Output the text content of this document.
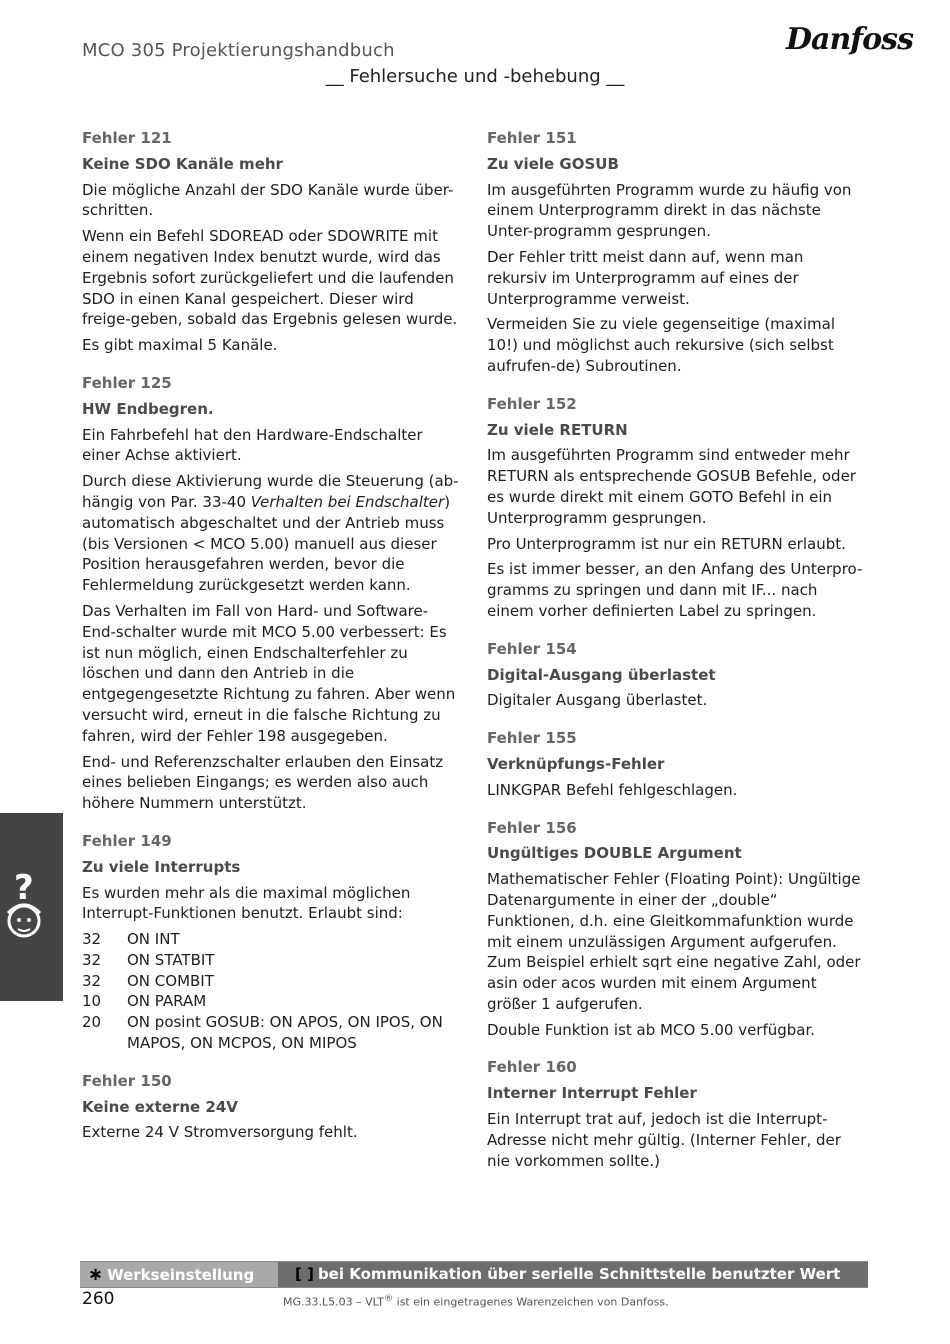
MCO 305 Projektierungshandbuch	Danfoss
__ Fehlersuche und -behebung __
Fehler 121
Keine SDO Kanäle mehr

Die mögliche Anzahl der SDO Kanäle wurde über-schritten.

Wenn ein Befehl SDOREAD oder SDOWRITE mit einem negativen Index benutzt wurde, wird das Ergebnis sofort zurückgeliefert und die laufenden SDO in einen Kanal gespeichert. Dieser wird freige-geben, sobald das Ergebnis gelesen wurde.

Es gibt maximal 5 Kanäle.

Fehler 125
HW Endbegren.

Ein Fahrbefehl hat den Hardware-Endschalter einer Achse aktiviert.

Durch diese Aktivierung wurde die Steuerung (ab-hängig von Par. 33-40 Verhalten bei Endschalter) automatisch abgeschaltet und der Antrieb muss (bis Versionen < MCO 5.00) manuell aus dieser Position herausgefahren werden, bevor die Fehlermeldung zurückgesetzt werden kann.

Das Verhalten im Fall von Hard- und Software-End-schalter wurde mit MCO 5.00 verbessert: Es ist nun möglich, einen Endschalterfehler zu löschen und dann den Antrieb in die entgegengesetzte Richtung zu fahren. Aber wenn versucht wird, erneut in die falsche Richtung zu fahren, wird der Fehler 198 ausgegeben.

End- und Referenzschalter erlauben den Einsatz eines belieben Eingangs; es werden also auch höhere Nummern unterstützt.

Fehler 149
Zu viele Interrupts

Es wurden mehr als die maximal möglichen Interrupt-Funktionen benutzt. Erlaubt sind:

32	ON INT
32	ON STATBIT
32	ON COMBIT
10	ON PARAM
20	ON posint GOSUB: ON APOS, ON IPOS, ON MAPOS, ON MCPOS, ON MIPOS
Fehler 150
Keine externe 24V

Externe 24 V Stromversorgung fehlt.

Fehler 151
Zu viele GOSUB

Im ausgeführten Programm wurde zu häufig von einem Unterprogramm direkt in das nächste Unter-programm gesprungen.

Der Fehler tritt meist dann auf, wenn man rekursiv im Unterprogramm auf eines der Unterprogramme verweist.

Vermeiden Sie zu viele gegenseitige (maximal 10!) und möglichst auch rekursive (sich selbst aufrufen-de) Subroutinen.

Fehler 152
Zu viele RETURN

Im ausgeführten Programm sind entweder mehr RETURN als entsprechende GOSUB Befehle, oder es wurde direkt mit einem GOTO Befehl in ein Unterprogramm gesprungen.

Pro Unterprogramm ist nur ein RETURN erlaubt.

Es ist immer besser, an den Anfang des Unterpro-gramms zu springen und dann mit IF... nach einem vorher definierten Label zu springen.

Fehler 154
Digital-Ausgang überlastet

Digitaler Ausgang überlastet.

Fehler 155
Verknüpfungs-Fehler

LINKGPAR Befehl fehlgeschlagen.

Fehler 156
Ungültiges DOUBLE Argument

Mathematischer Fehler (Floating Point): Ungültige Datenargumente in einer der „double“ Funktionen, d.h. eine Gleitkommafunktion wurde mit einem unzulässigen Argument aufgerufen. Zum Beispiel erhielt sqrt eine negative Zahl, oder asin oder acos wurden mit einem Argument größer 1 aufgerufen.

Double Funktion ist ab MCO 5.00 verfügbar.

Fehler 160
Interner Interrupt Fehler

Ein Interrupt trat auf, jedoch ist die Interrupt-Adresse nicht mehr gültig. (Interner Fehler, der nie vorkommen sollte.)

?
∗ Werkseinstellung	[ ] bei Kommunikation über serielle Schnittstelle benutzter Wert
260	MG.33.L5.03 – VLT® ist ein eingetragenes Warenzeichen von Danfoss.
